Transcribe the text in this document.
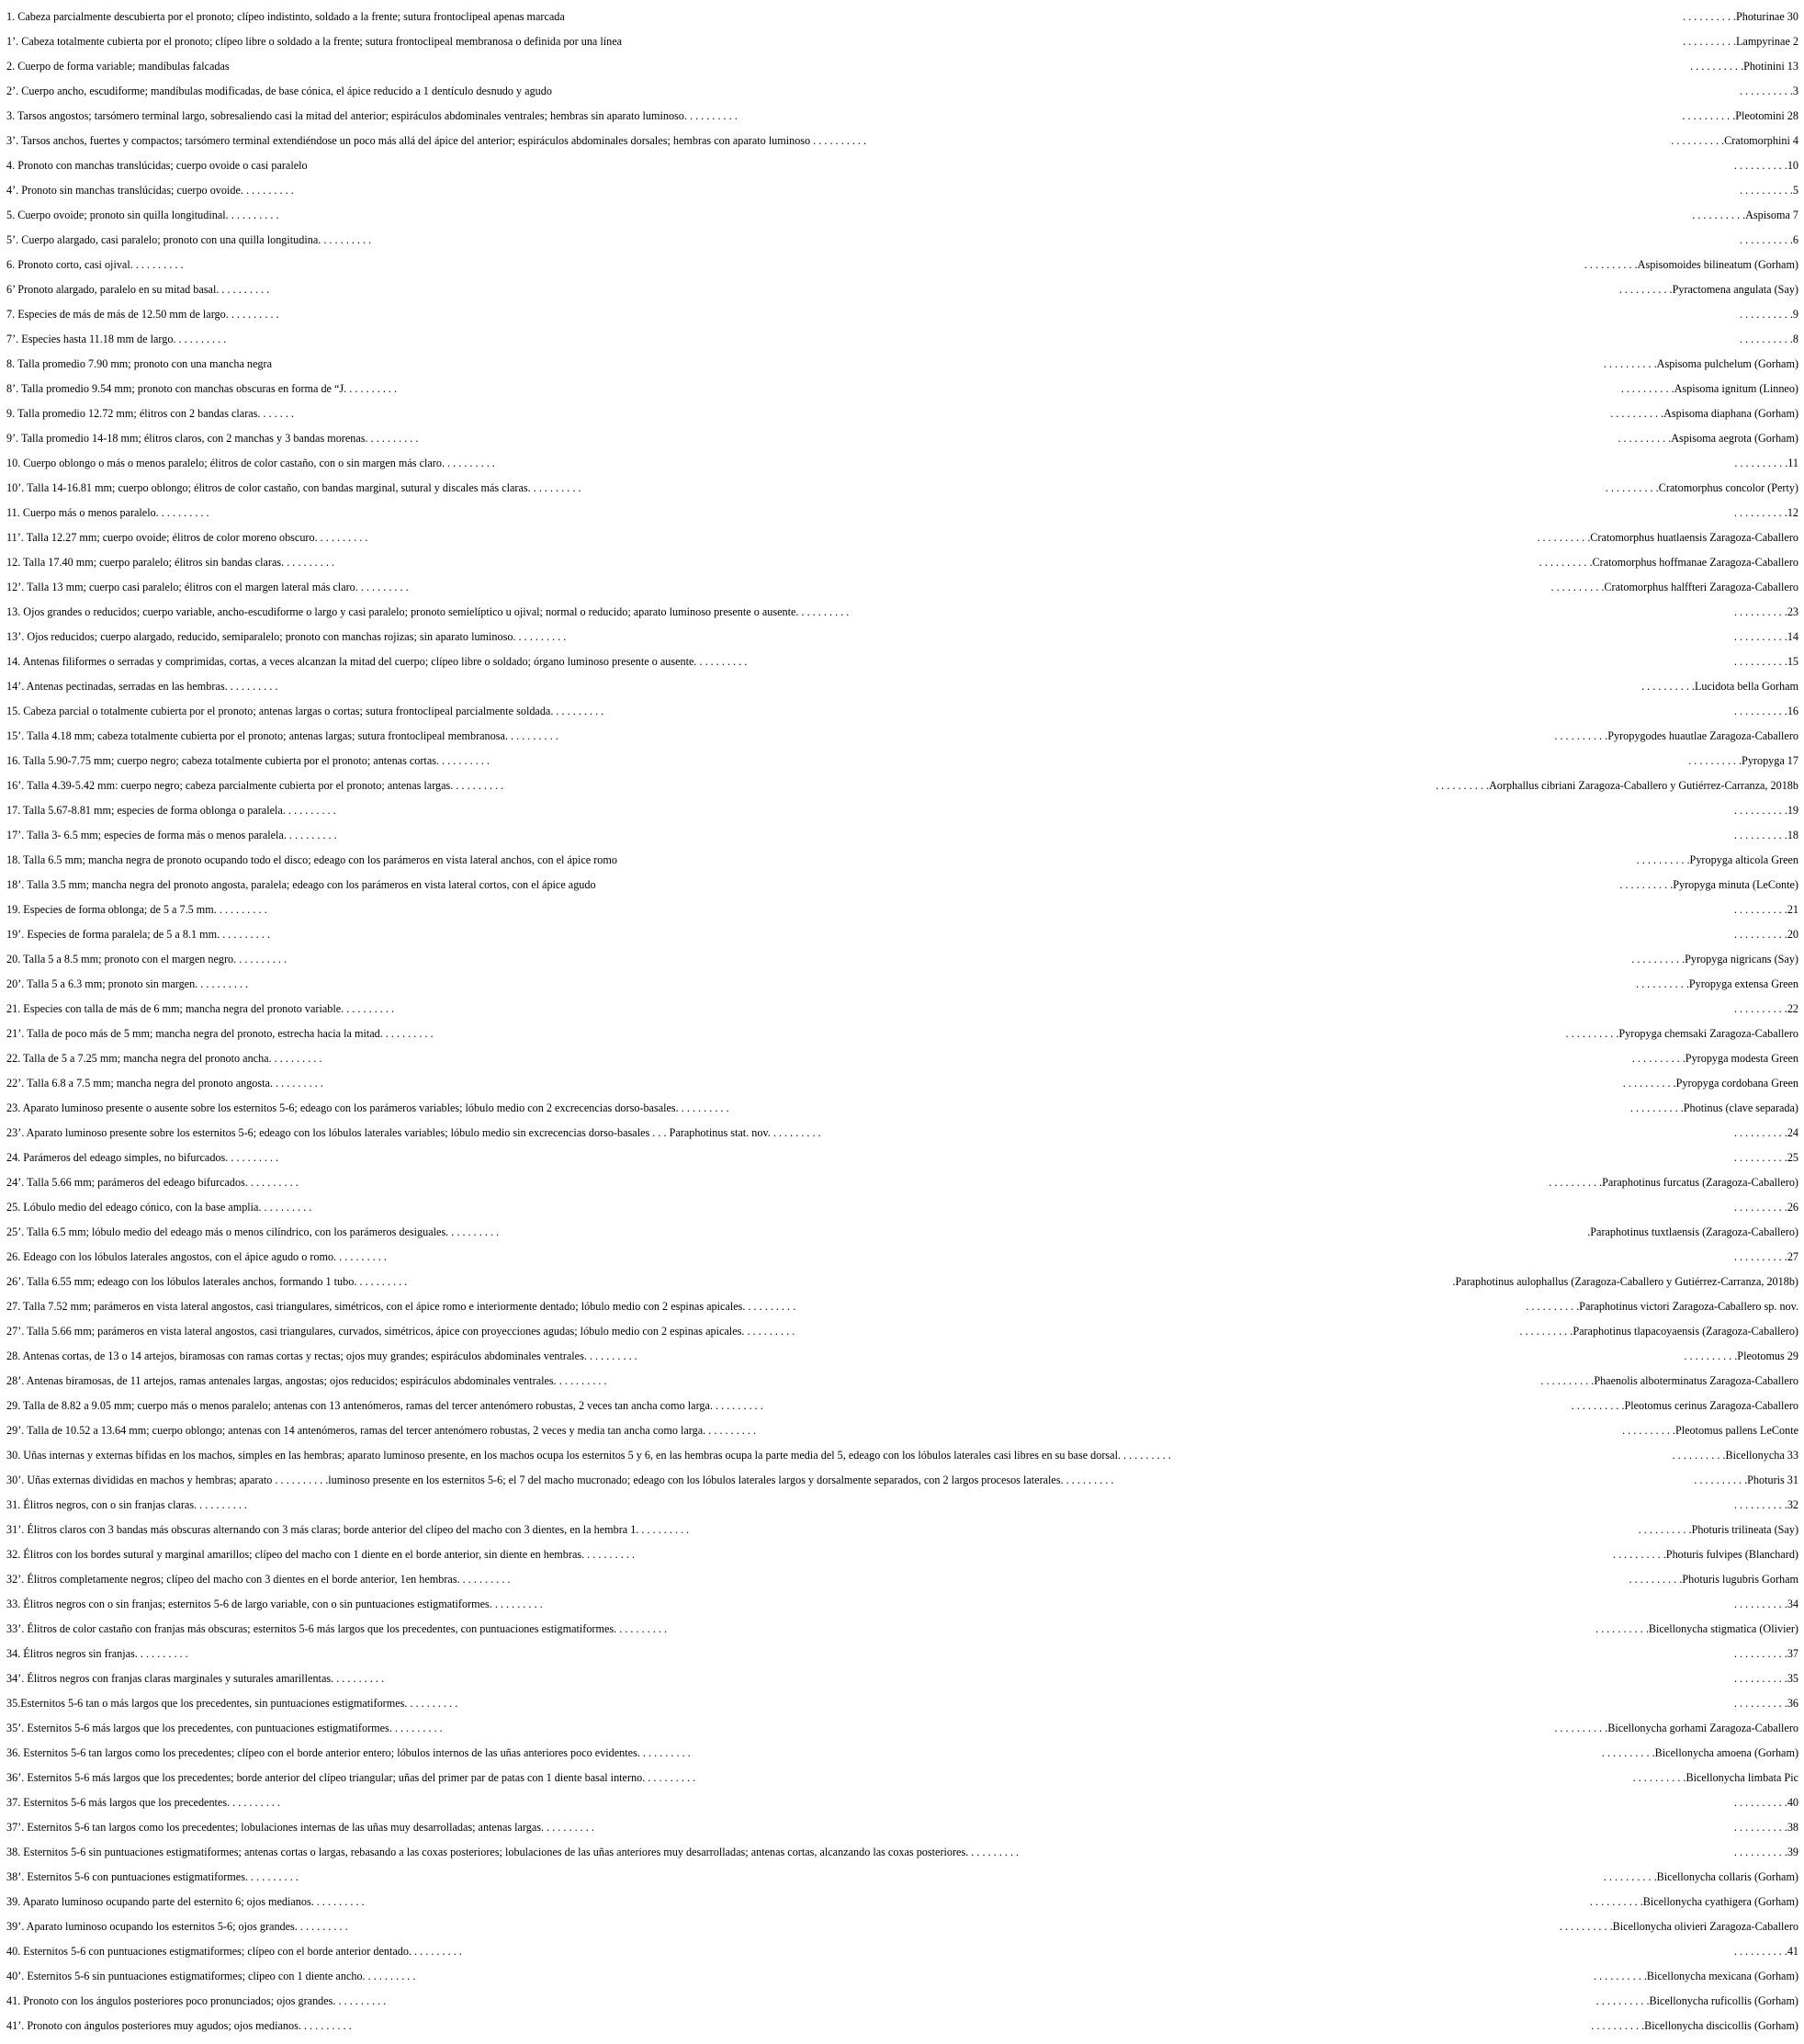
1. Cabeza parcialmente descubierta por el pronoto; clípeo indistinto, soldado a la frente; sutura frontoclipeal apenas marcada	. . . . . . . . . .Photurinae 30
1’. Cabeza totalmente cubierta por el pronoto; clípeo libre o soldado a la frente; sutura frontoclipeal membranosa o definida por una línea	. . . . . . . . . .Lampyrinae 2
2. Cuerpo de forma variable; mandíbulas falcadas	. . . . . . . . . .Photinini 13
2’. Cuerpo ancho, escudiforme; mandíbulas modificadas, de base cónica, el ápice reducido a 1 dentículo desnudo y agudo	. . . . . . . . . .3
3. Tarsos angostos; tarsómero terminal largo, sobresaliendo casi la mitad del anterior; espiráculos abdominales ventrales; hembras sin aparato luminoso. . . . . . . . . .	. . . . . . . . . .Pleotomini 28
3’. Tarsos anchos, fuertes y compactos; tarsómero terminal extendiéndose un poco más allá del ápice del anterior; espiráculos abdominales dorsales; hembras con aparato luminoso . . . . . . . . . .	. . . . . . . . . .Cratomorphini 4
4. Pronoto con manchas translúcidas; cuerpo ovoide o casi paralelo	. . . . . . . . . .10
4’. Pronoto sin manchas translúcidas; cuerpo ovoide. . . . . . . . . .	. . . . . . . . . .5
5. Cuerpo ovoide; pronoto sin quilla longitudinal. . . . . . . . . .	. . . . . . . . . .Aspisoma 7
5’. Cuerpo alargado, casi paralelo; pronoto con una quilla longitudina. . . . . . . . . .	. . . . . . . . . .6
6. Pronoto corto, casi ojival. . . . . . . . . .	. . . . . . . . . .Aspisomoides bilineatum (Gorham)
6’ Pronoto alargado, paralelo en su mitad basal. . . . . . . . . .	. . . . . . . . . .Pyractomena angulata (Say)
7. Especies de más de más de 12.50 mm de largo. . . . . . . . . .	. . . . . . . . . .9
7’. Especies hasta 11.18 mm de largo. . . . . . . . . .	. . . . . . . . . .8
8. Talla promedio 7.90 mm; pronoto con una mancha negra	. . . . . . . . . .Aspisoma pulchelum (Gorham)
8’. Talla promedio 9.54 mm; pronoto con manchas obscuras en forma de “J. . . . . . . . . .	. . . . . . . . . .Aspisoma ignitum (Linneo)
9. Talla promedio 12.72 mm; élitros con 2 bandas claras. . . . . . .	. . . . . . . . . .Aspisoma diaphana (Gorham)
9’. Talla promedio 14-18 mm; élitros claros, con 2 manchas y 3 bandas morenas. . . . . . . . . .	. . . . . . . . . .Aspisoma aegrota (Gorham)
10. Cuerpo oblongo o más o menos paralelo; élitros de color castaño, con o sin margen más claro. . . . . . . . . .	. . . . . . . . . .11
10’. Talla 14-16.81 mm; cuerpo oblongo; élitros de color castaño, con bandas marginal, sutural y discales más claras. . . . . . . . . .	. . . . . . . . . .Cratomorphus concolor (Perty)
11. Cuerpo más o menos paralelo. . . . . . . . . .	. . . . . . . . . .12
11’. Talla 12.27 mm; cuerpo ovoide; élitros de color moreno obscuro. . . . . . . . . .	. . . . . . . . . .Cratomorphus huatlaensis Zaragoza-Caballero
12. Talla 17.40 mm; cuerpo paralelo; élitros sin bandas claras. . . . . . . . . .	. . . . . . . . . .Cratomorphus hoffmanae Zaragoza-Caballero
12’. Talla 13 mm; cuerpo casi paralelo; élitros con el margen lateral más claro. . . . . . . . . .	. . . . . . . . . .Cratomorphus halffteri Zaragoza-Caballero
13. Ojos grandes o reducidos; cuerpo variable, ancho-escudiforme o largo y casi paralelo; pronoto semielíptico u ojival; normal o reducido; aparato luminoso presente o ausente. . . . . . . . . .	. . . . . . . . . .23
13’. Ojos reducidos; cuerpo alargado, reducido, semiparalelo; pronoto con manchas rojizas; sin aparato luminoso. . . . . . . . . .	. . . . . . . . . .14
14. Antenas filiformes o serradas y comprimidas, cortas, a veces alcanzan la mitad del cuerpo; clípeo libre o soldado; órgano luminoso presente o ausente. . . . . . . . . .	. . . . . . . . . .15
14’. Antenas pectinadas, serradas en las hembras. . . . . . . . . .	. . . . . . . . . .Lucidota bella Gorham
15. Cabeza parcial o totalmente cubierta por el pronoto; antenas largas o cortas; sutura frontoclipeal parcialmente soldada. . . . . . . . . .	. . . . . . . . . .16
15’. Talla 4.18 mm; cabeza totalmente cubierta por el pronoto; antenas largas; sutura frontoclipeal membranosa. . . . . . . . . .	. . . . . . . . . .Pyropygodes huautlae Zaragoza-Caballero
16. Talla 5.90-7.75 mm; cuerpo negro; cabeza totalmente cubierta por el pronoto; antenas cortas. . . . . . . . . .	. . . . . . . . . .Pyropyga 17
16’. Talla 4.39-5.42 mm: cuerpo negro; cabeza parcialmente cubierta por el pronoto; antenas largas. . . . . . . . . .	. . . . . . . . . .Aorphallus cibriani Zaragoza-Caballero y Gutiérrez-Carranza, 2018b
17. Talla 5.67-8.81 mm; especies de forma oblonga o paralela. . . . . . . . . .	. . . . . . . . . .19
17’. Talla 3- 6.5 mm; especies de forma más o menos paralela. . . . . . . . . .	. . . . . . . . . .18
18. Talla 6.5 mm; mancha negra de pronoto ocupando todo el disco; edeago con los parámeros en vista lateral anchos, con el ápice romo	. . . . . . . . . .Pyropyga alticola Green
18’. Talla 3.5 mm; mancha negra del pronoto angosta, paralela; edeago con los parámeros en vista lateral cortos, con el ápice agudo	. . . . . . . . . .Pyropyga minuta (LeConte)
19. Especies de forma oblonga; de 5 a 7.5 mm. . . . . . . . . .	. . . . . . . . . .21
19’. Especies de forma paralela; de 5 a 8.1 mm. . . . . . . . . .	. . . . . . . . . .20
20. Talla 5 a 8.5 mm; pronoto con el margen negro. . . . . . . . . .	. . . . . . . . . .Pyropyga nigricans (Say)
20’. Talla 5 a 6.3 mm; pronoto sin margen. . . . . . . . . .	. . . . . . . . . .Pyropyga extensa Green
21. Especies con talla de más de 6 mm; mancha negra del pronoto variable. . . . . . . . . .	. . . . . . . . . .22
21’. Talla de poco más de 5 mm; mancha negra del pronoto, estrecha hacia la mitad. . . . . . . . . .	. . . . . . . . . .Pyropyga chemsaki Zaragoza-Caballero
22. Talla de 5 a 7.25 mm; mancha negra del pronoto ancha. . . . . . . . . .	. . . . . . . . . .Pyropyga modesta Green
22’. Talla 6.8 a 7.5 mm; mancha negra del pronoto angosta. . . . . . . . . .	. . . . . . . . . .Pyropyga cordobana Green
23. Aparato luminoso presente o ausente sobre los esternitos 5-6; edeago con los parámeros variables; lóbulo medio con 2 excrecencias dorso-basales. . . . . . . . . .	. . . . . . . . . .Photinus (clave separada)
23’. Aparato luminoso presente sobre los esternitos 5-6; edeago con los lóbulos laterales variables; lóbulo medio sin excrecencias dorso-basales . . . Paraphotinus stat. nov. . . . . . . . . .	. . . . . . . . . .24
24. Parámeros del edeago simples, no bifurcados. . . . . . . . . .	. . . . . . . . . .25
24’. Talla 5.66 mm; parámeros del edeago bifurcados. . . . . . . . . .	. . . . . . . . . .Paraphotinus furcatus (Zaragoza-Caballero)
25. Lóbulo medio del edeago cónico, con la base amplia. . . . . . . . . .	. . . . . . . . . .26
25’. Talla 6.5 mm; lóbulo medio del edeago más o menos cilíndrico, con los parámeros desiguales. . . . . . . . . .	.Paraphotinus tuxtlaensis (Zaragoza-Caballero)
26. Edeago con los lóbulos laterales angostos, con el ápice agudo o romo. . . . . . . . . .	. . . . . . . . . .27
26’. Talla 6.55 mm; edeago con los lóbulos laterales anchos, formando 1 tubo. . . . . . . . . .	.Paraphotinus aulophallus (Zaragoza-Caballero y Gutiérrez-Carranza, 2018b)
27. Talla 7.52 mm; parámeros en vista lateral angostos, casi triangulares, simétricos, con el ápice romo e interiormente dentado; lóbulo medio con 2 espinas apicales. . . . . . . . . .	. . . . . . . . . .Paraphotinus victori Zaragoza-Caballero sp. nov.
27’. Talla 5.66 mm; parámeros en vista lateral angostos, casi triangulares, curvados, simétricos, ápice con proyecciones agudas; lóbulo medio con 2 espinas apicales. . . . . . . . . .	. . . . . . . . . .Paraphotinus tlapacoyaensis (Zaragoza-Caballero)
28. Antenas cortas, de 13 o 14 artejos, biramosas con ramas cortas y rectas; ojos muy grandes; espiráculos abdominales ventrales. . . . . . . . . .	. . . . . . . . . .Pleotomus 29
28’. Antenas biramosas, de 11 artejos, ramas antenales largas, angostas; ojos reducidos; espiráculos abdominales ventrales. . . . . . . . . .	. . . . . . . . . .Phaenolis alboterminatus Zaragoza-Caballero
29. Talla de 8.82 a 9.05 mm; cuerpo más o menos paralelo; antenas con 13 antenómeros, ramas del tercer antenómero robustas, 2 veces tan ancha como larga. . . . . . . . . .	. . . . . . . . . .Pleotomus cerinus Zaragoza-Caballero
29’. Talla de 10.52 a 13.64 mm; cuerpo oblongo; antenas con 14 antenómeros, ramas del tercer antenómero robustas, 2 veces y media tan ancha como larga. . . . . . . . . .	. . . . . . . . . .Pleotomus pallens LeConte
30. Uñas internas y externas bífidas en los machos, simples en las hembras; aparato luminoso presente, en los machos ocupa los esternitos 5 y 6, en las hembras ocupa la parte media del 5, edeago con los lóbulos laterales casi libres en su base dorsal. . . . . . . . . .	. . . . . . . . . .Bicellonycha 33
30’. Uñas externas divididas en machos y hembras; aparato . . . . . . . . . .luminoso presente en los esternitos 5-6; el 7 del macho mucronado; edeago con los lóbulos laterales largos y dorsalmente separados, con 2 largos procesos laterales. . . . . . . . . .	. . . . . . . . . .Photuris 31
31. Élitros negros, con o sin franjas claras. . . . . . . . . .	. . . . . . . . . .32
31’. Élitros claros con 3 bandas más obscuras alternando con 3 más claras; borde anterior del clípeo del macho con 3 dientes, en la hembra 1. . . . . . . . . .	. . . . . . . . . .Photuris trilineata (Say)
32. Élitros con los bordes sutural y marginal amarillos; clípeo del macho con 1 diente en el borde anterior, sin diente en hembras. . . . . . . . . .	. . . . . . . . . .Photuris fulvipes (Blanchard)
32’. Élitros completamente negros; clípeo del macho con 3 dientes en el borde anterior, 1en hembras. . . . . . . . . .	. . . . . . . . . .Photuris lugubris Gorham
33. Élitros negros con o sin franjas; esternitos 5-6 de largo variable, con o sin puntuaciones estigmatiformes. . . . . . . . . .	. . . . . . . . . .34
33’. Élitros de color castaño con franjas más obscuras; esternitos 5-6 más largos que los precedentes, con puntuaciones estigmatiformes. . . . . . . . . .	. . . . . . . . . .Bicellonycha stigmatica (Olivier)
34. Élitros negros sin franjas. . . . . . . . . .	. . . . . . . . . .37
34’. Élitros negros con franjas claras marginales y suturales amarillentas. . . . . . . . . .	. . . . . . . . . .35
35.Esternitos 5-6 tan o más largos que los precedentes, sin puntuaciones estigmatiformes. . . . . . . . . .	. . . . . . . . . .36
35’. Esternitos 5-6 más largos que los precedentes, con puntuaciones estigmatiformes. . . . . . . . . .	. . . . . . . . . .Bicellonycha gorhami Zaragoza-Caballero
36. Esternitos 5-6 tan largos como los precedentes; clípeo con el borde anterior entero; lóbulos internos de las uñas anteriores poco evidentes. . . . . . . . . .	. . . . . . . . . .Bicellonycha amoena (Gorham)
36’. Esternitos 5-6 más largos que los precedentes; borde anterior del clípeo triangular; uñas del primer par de patas con 1 diente basal interno. . . . . . . . . .	. . . . . . . . . .Bicellonycha limbata Pic
37. Esternitos 5-6 más largos que los precedentes. . . . . . . . . .	. . . . . . . . . .40
37’. Esternitos 5-6 tan largos como los precedentes; lobulaciones internas de las uñas muy desarrolladas; antenas largas. . . . . . . . . .	. . . . . . . . . .38
38. Esternitos 5-6 sin puntuaciones estigmatiformes; antenas cortas o largas, rebasando a las coxas posteriores; lobulaciones de las uñas anteriores muy desarrolladas; antenas cortas, alcanzando las coxas posteriores. . . . . . . . . .	. . . . . . . . . .39
38’. Esternitos 5-6 con puntuaciones estigmatiformes. . . . . . . . . .	. . . . . . . . . .Bicellonycha collaris (Gorham)
39. Aparato luminoso ocupando parte del esternito 6; ojos medianos. . . . . . . . . .	. . . . . . . . . .Bicellonycha cyathigera (Gorham)
39’. Aparato luminoso ocupando los esternitos 5-6; ojos grandes. . . . . . . . . .	. . . . . . . . . .Bicellonycha olivieri Zaragoza-Caballero
40. Esternitos 5-6 con puntuaciones estigmatiformes; clípeo con el borde anterior dentado. . . . . . . . . .	. . . . . . . . . .41
40’. Esternitos 5-6 sin puntuaciones estigmatiformes; clípeo con 1 diente ancho. . . . . . . . . .	. . . . . . . . . .Bicellonycha mexicana (Gorham)
41. Pronoto con los ángulos posteriores poco pronunciados; ojos grandes. . . . . . . . . .	. . . . . . . . . .Bicellonycha ruficollis (Gorham)
41’. Pronoto con ángulos posteriores muy agudos; ojos medianos. . . . . . . . . .	. . . . . . . . . .Bicellonycha discicollis (Gorham)
